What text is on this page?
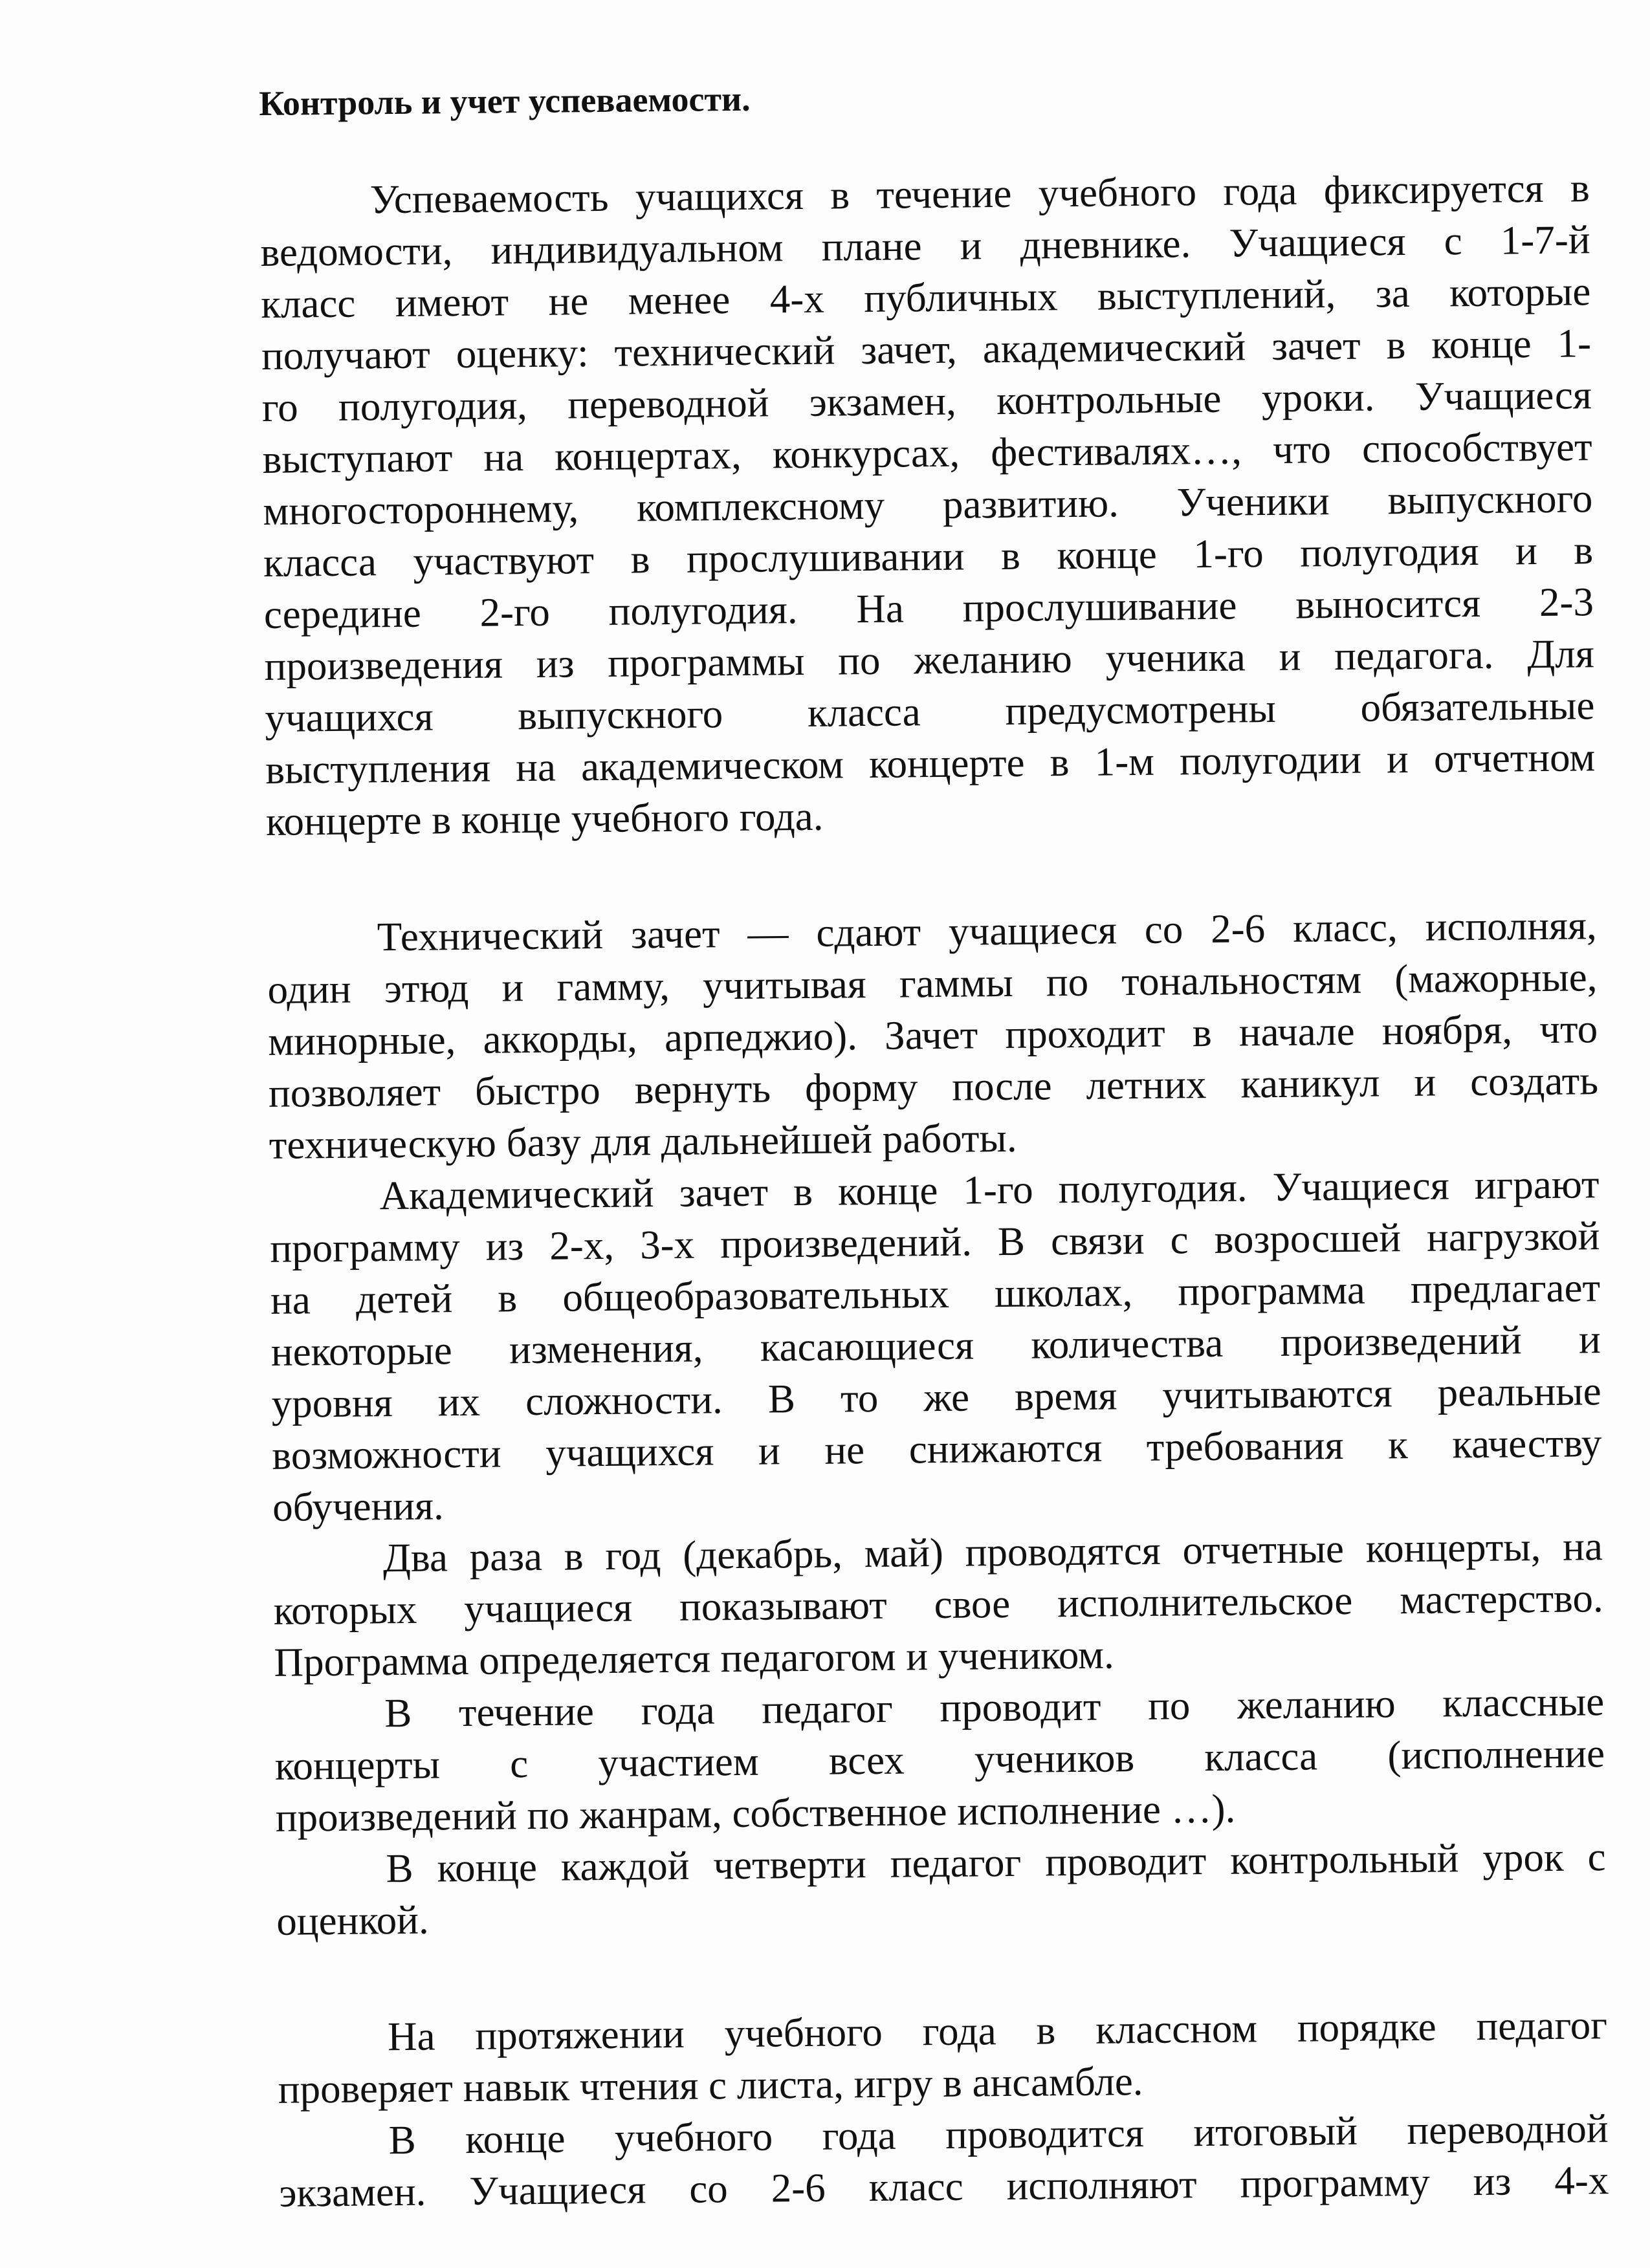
Контроль и учет успеваемости.
Успеваемость учащихся в течение учебного года фиксируется в
ведомости, индивидуальном плане и дневнике. Учащиеся с 1-7-й
класс имеют не менее 4-х публичных выступлений, за которые
получают оценку: технический зачет, академический зачет в конце 1-
го полугодия, переводной экзамен, контрольные уроки. Учащиеся
выступают на концертах, конкурсах, фестивалях…, что способствует
многостороннему, комплексному развитию. Ученики выпускного
класса участвуют в прослушивании в конце 1-го полугодия и в
середине 2-го полугодия. На прослушивание выносится 2-3
произведения из программы по желанию ученика и педагога. Для
учащихся выпускного класса предусмотрены обязательные
выступления на академическом концерте в 1-м полугодии и отчетном
концерте в конце учебного года.
Технический зачет — сдают учащиеся со 2-6 класс, исполняя,
один этюд и гамму, учитывая гаммы по тональностям (мажорные,
минорные, аккорды, арпеджио). Зачет проходит в начале ноября, что
позволяет быстро вернуть форму после летних каникул и создать
техническую базу для дальнейшей работы.
Академический зачет в конце 1-го полугодия. Учащиеся играют
программу из 2-х, 3-х произведений. В связи с возросшей нагрузкой
на детей в общеобразовательных школах, программа предлагает
некоторые изменения, касающиеся количества произведений и
уровня их сложности. В то же время учитываются реальные
возможности учащихся и не снижаются требования к качеству
обучения.
Два раза в год (декабрь, май) проводятся отчетные концерты, на
которых учащиеся показывают свое исполнительское мастерство.
Программа определяется педагогом и учеником.
В течение года педагог проводит по желанию классные
концерты с участием всех учеников класса (исполнение
произведений по жанрам, собственное исполнение …).
В конце каждой четверти педагог проводит контрольный урок с
оценкой.
На протяжении учебного года в классном порядке педагог
проверяет навык чтения с листа, игру в ансамбле.
В конце учебного года проводится итоговый переводной
экзамен. Учащиеся со 2-6 класс исполняют программу из 4-х
